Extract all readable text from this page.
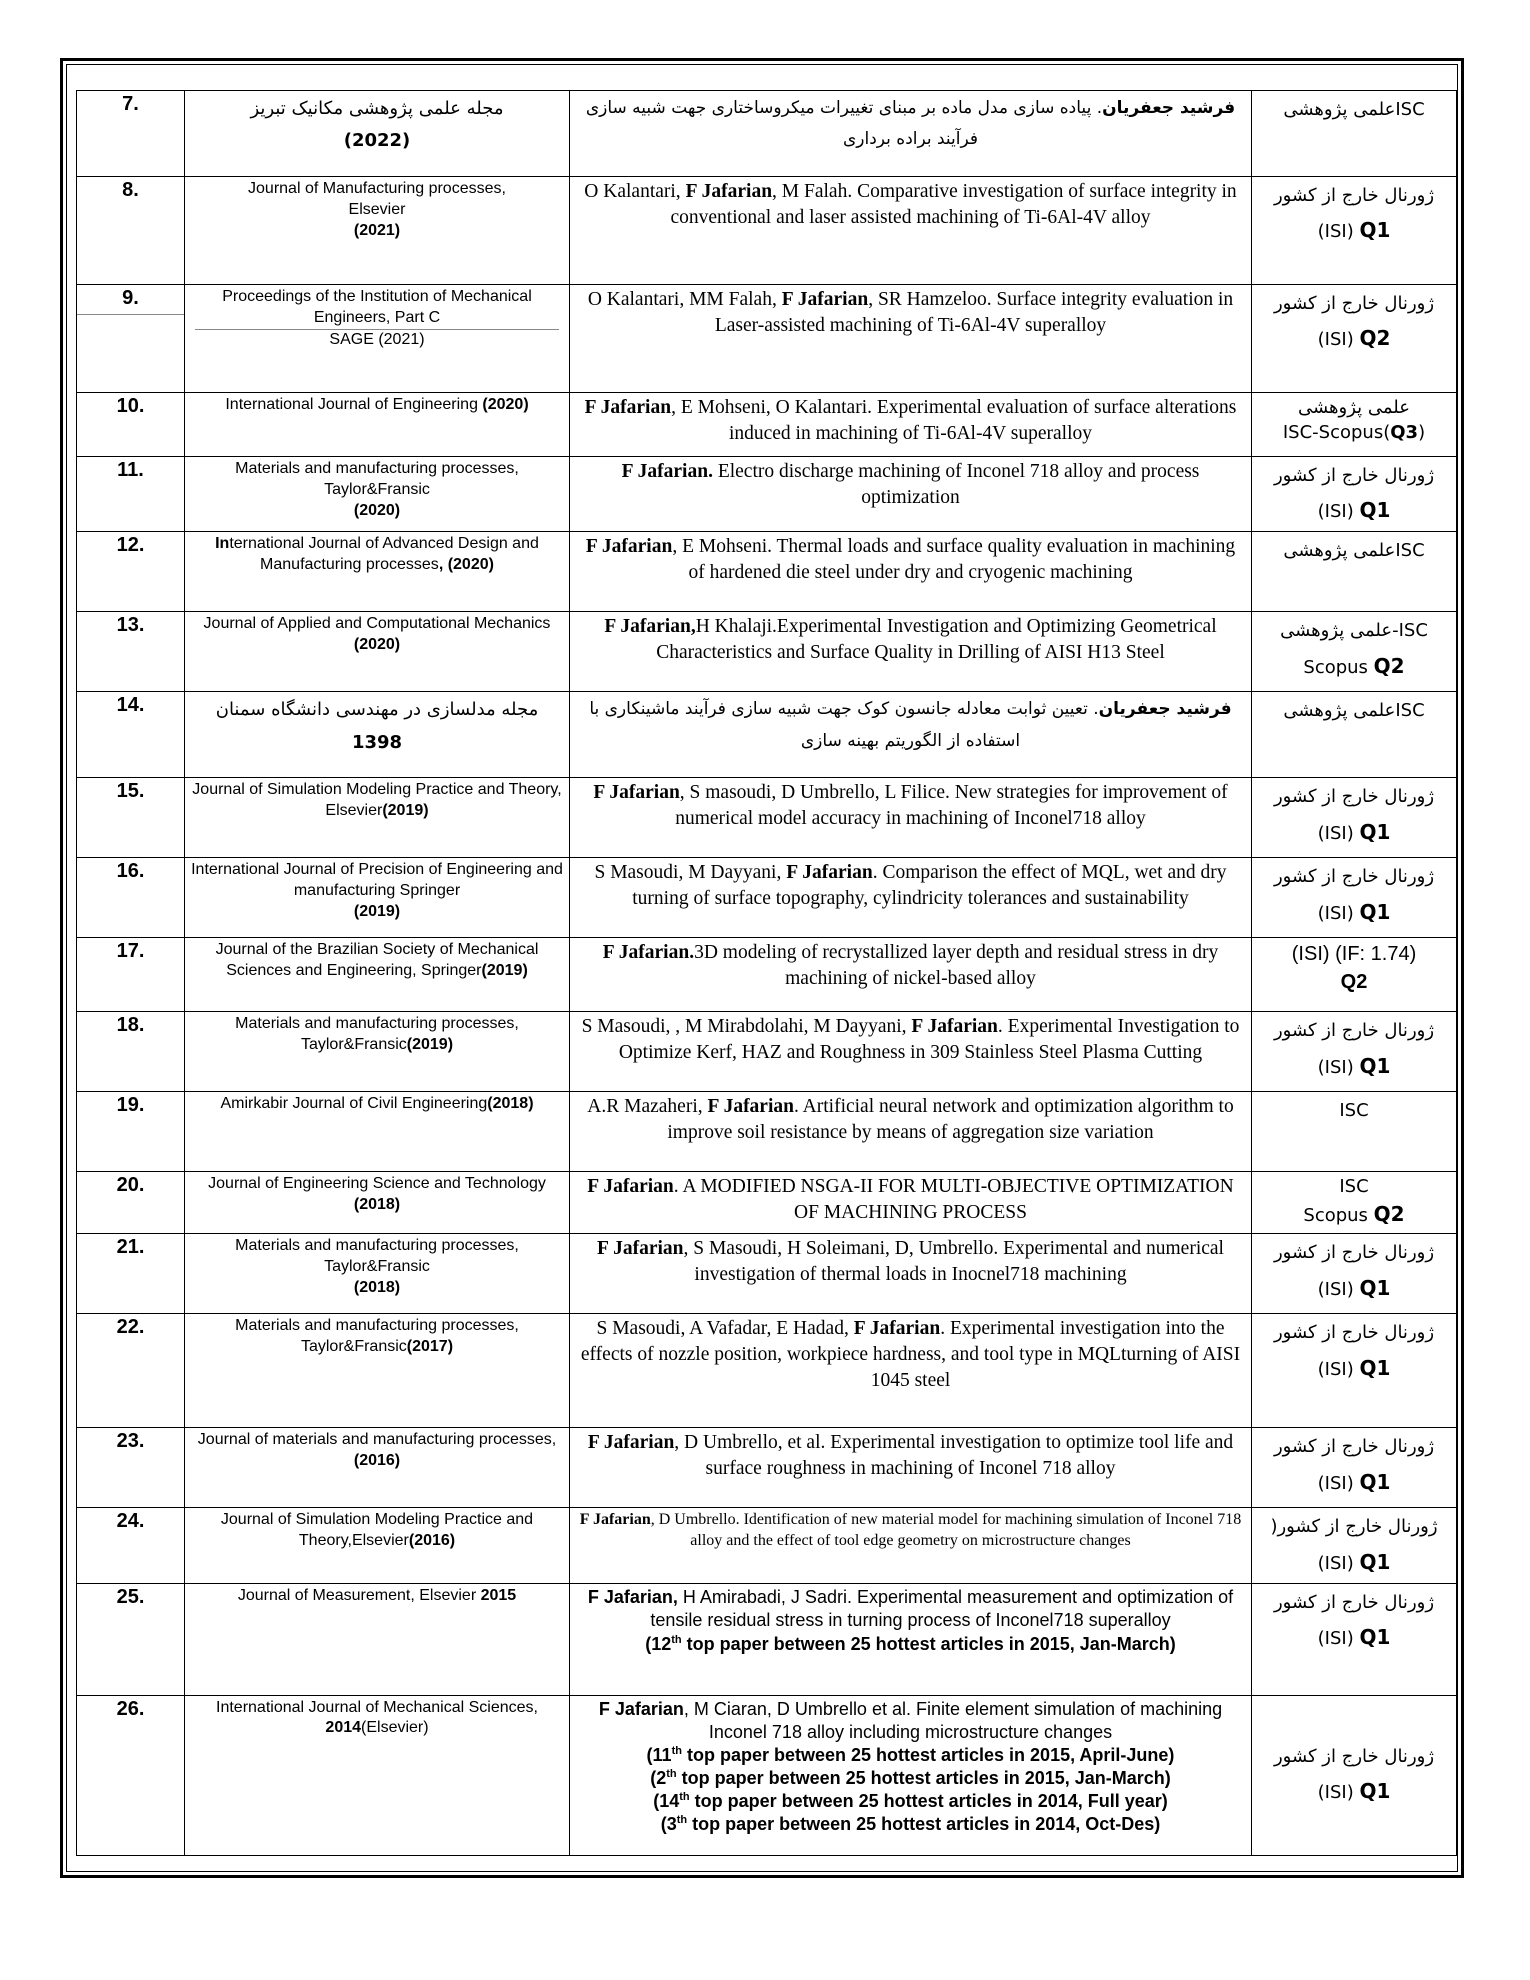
7.	مجله علمی پژوهشی مکانیک تبریز
(2022)	فرشید جعفریان. پیاده سازی مدل ماده بر مبنای تغییرات میکروساختاری جهت شبیه سازی فرآیند براده برداری	علمی پژوهشیISC
8.	Journal of Manufacturing processes,
Elsevier
(2021)	O Kalantari, F Jafarian, M Falah. Comparative investigation of surface integrity in conventional and laser assisted machining of Ti-6Al-4V alloy	ژورنال خارج از کشور
(ISI) Q1
9.	Proceedings of the Institution of Mechanical Engineers, Part C
SAGE (2021)	O Kalantari, MM Falah, F Jafarian, SR Hamzeloo. Surface integrity evaluation in Laser-assisted machining of Ti-6Al-4V superalloy	ژورنال خارج از کشور
(ISI) Q2
10.	International Journal of Engineering (2020)	F Jafarian, E Mohseni, O Kalantari. Experimental evaluation of surface alterations induced in machining of Ti-6Al-4V superalloy	علمی پژوهشی
ISC-Scopus(Q3)
11.	Materials and manufacturing processes,
Taylor&Fransic
(2020)	F Jafarian. Electro discharge machining of Inconel 718 alloy and process optimization	ژورنال خارج از کشور
(ISI) Q1
12.	International Journal of Advanced Design and Manufacturing processes, (2020)	F Jafarian, E Mohseni. Thermal loads and surface quality evaluation in machining of hardened die steel under dry and cryogenic machining	علمی پژوهشیISC
13.	Journal of Applied and Computational Mechanics
(2020)	F Jafarian,H Khalaji.Experimental Investigation and Optimizing Geometrical Characteristics and Surface Quality in Drilling of AISI H13 Steel	علمی پژوهشی-ISC
Scopus Q2
14.	مجله مدلسازی در مهندسی دانشگاه سمنان 1398	فرشید جعفریان. تعیین ثوابت معادله جانسون کوک جهت شبیه سازی فرآیند ماشینکاری با استفاده از الگوریتم بهینه سازی	علمی پژوهشیISC
15.	Journal of Simulation Modeling Practice and Theory, Elsevier(2019)	F Jafarian, S masoudi, D Umbrello, L Filice. New strategies for improvement of numerical model accuracy in machining of Inconel718 alloy	ژورنال خارج از کشور
(ISI) Q1
16.	International Journal of Precision of Engineering and manufacturing Springer
(2019)	S Masoudi, M Dayyani, F Jafarian. Comparison the effect of MQL, wet and dry turning of surface topography, cylindricity tolerances and sustainability	ژورنال خارج از کشور
(ISI) Q1
17.	Journal of the Brazilian Society of Mechanical Sciences and Engineering, Springer(2019)	F Jafarian.3D modeling of recrystallized layer depth and residual stress in dry machining of nickel-based alloy	(ISI) (IF: 1.74)
Q2
18.	Materials and manufacturing processes, Taylor&Fransic(2019)	S Masoudi, , M Mirabdolahi, M Dayyani, F Jafarian. Experimental Investigation to Optimize Kerf, HAZ and Roughness in 309 Stainless Steel Plasma Cutting	ژورنال خارج از کشور
(ISI) Q1
19.	Amirkabir Journal of Civil Engineering(2018)	A.R Mazaheri, F Jafarian. Artificial neural network and optimization algorithm to improve soil resistance by means of aggregation size variation	ISC
20.	Journal of Engineering Science and Technology
(2018)	F Jafarian. A MODIFIED NSGA-II FOR MULTI-OBJECTIVE OPTIMIZATION OF MACHINING PROCESS	ISC
Scopus Q2
21.	Materials and manufacturing processes, Taylor&Fransic
(2018)	F Jafarian, S Masoudi, H Soleimani, D, Umbrello. Experimental and numerical investigation of thermal loads in Inocnel718 machining	ژورنال خارج از کشور
(ISI) Q1
22.	Materials and manufacturing processes, Taylor&Fransic(2017)	S Masoudi, A Vafadar, E Hadad, F Jafarian. Experimental investigation into the effects of nozzle position, workpiece hardness, and tool type in MQLturning of AISI 1045 steel	ژورنال خارج از کشور
(ISI) Q1
23.	Journal of materials and manufacturing processes, (2016)	F Jafarian, D Umbrello, et al. Experimental investigation to optimize tool life and surface roughness in machining of Inconel 718 alloy	ژورنال خارج از کشور
(ISI) Q1
24.	Journal of Simulation Modeling Practice and Theory,Elsevier(2016)	F Jafarian, D Umbrello. Identification of new material model for machining simulation of Inconel 718 alloy and the effect of tool edge geometry on microstructure changes	)ژورنال خارج از کشور
(ISI) Q1
25.	Journal of Measurement, Elsevier 2015	F Jafarian, H Amirabadi, J Sadri. Experimental measurement and optimization of tensile residual stress in turning process of Inconel718 superalloy
(12th top paper between 25 hottest articles in 2015, Jan-March)	ژورنال خارج از کشور
(ISI) Q1
26.	International Journal of Mechanical Sciences, 2014(Elsevier)	F Jafarian, M Ciaran, D Umbrello et al. Finite element simulation of machining Inconel 718 alloy including microstructure changes
(11th top paper between 25 hottest articles in 2015, April-June)
(2th top paper between 25 hottest articles in 2015, Jan-March)
(14th top paper between 25 hottest articles in 2014, Full year)
(3th top paper between 25 hottest articles in 2014, Oct-Des)	ژورنال خارج از کشور
(ISI) Q1
